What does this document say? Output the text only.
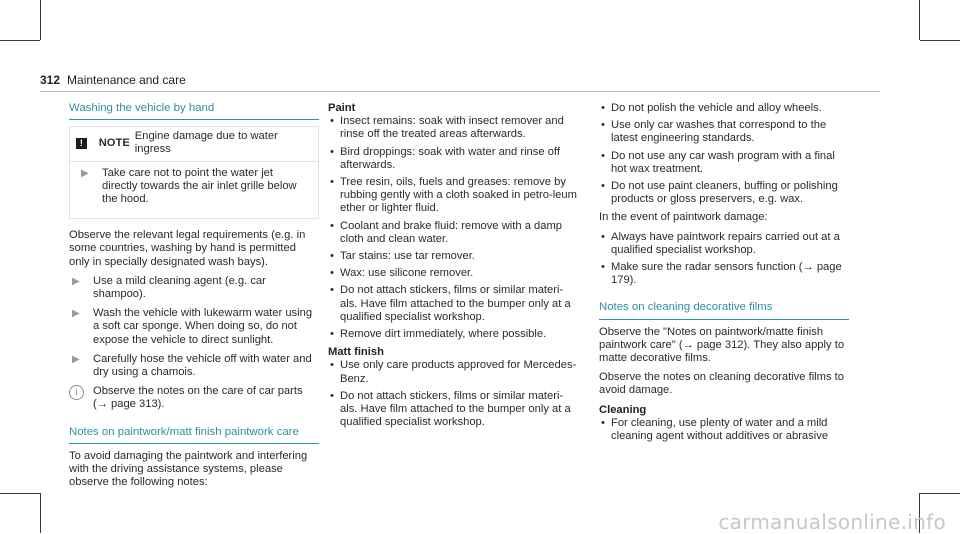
312 Maintenance and care
Washing the vehicle by hand
!	NOTE
Engine damage due to water ingress
▶	Take care not to point the water jet directly towards the air inlet grille below the hood.

Observe the relevant legal requirements (e.g. in some countries, washing by hand is permitted only in specially designated wash bays).

▶	Use a mild cleaning agent (e.g. car shampoo).
▶	Wash the vehicle with lukewarm water using a soft car sponge. When doing so, do not expose the vehicle to direct sunlight.
▶	Carefully hose the vehicle off with water and dry using a chamois.
i	Observe the notes on the care of car parts (→ page 313).
Notes on paintwork/matt finish paintwork care

To avoid damaging the paintwork and interfering with the driving assistance systems, please observe the following notes:

Paint

• Insect remains: soak with insect remover and rinse off the treated areas afterwards.
• Bird droppings: soak with water and rinse off afterwards.
• Tree resin, oils, fuels and greases: remove by rubbing gently with a cloth soaked in petro-leum ether or lighter fluid.
• Coolant and brake fluid: remove with a damp cloth and clean water.
• Tar stains: use tar remover.
• Wax: use silicone remover.
• Do not attach stickers, films or similar materi-als. Have film attached to the bumper only at a qualified specialist workshop.
• Remove dirt immediately, where possible.

Matt finish

• Use only care products approved for Mercedes-Benz.
• Do not attach stickers, films or similar materi-als. Have film attached to the bumper only at a qualified specialist workshop.
• Do not polish the vehicle and alloy wheels.
• Use only car washes that correspond to the latest engineering standards.
• Do not use any car wash program with a final hot wax treatment.
• Do not use paint cleaners, buffing or polishing products or gloss preservers, e.g. wax.

In the event of paintwork damage:

• Always have paintwork repairs carried out at a qualified specialist workshop.
• Make sure the radar sensors function (→ page 179).
Notes on cleaning decorative films

Observe the "Notes on paintwork/matte finish paintwork care" (→ page 312). They also apply to matte decorative films.

Observe the notes on cleaning decorative films to avoid damage.

Cleaning

• For cleaning, use plenty of water and a mild cleaning agent without additives or abrasive
carmanualsonline.info
